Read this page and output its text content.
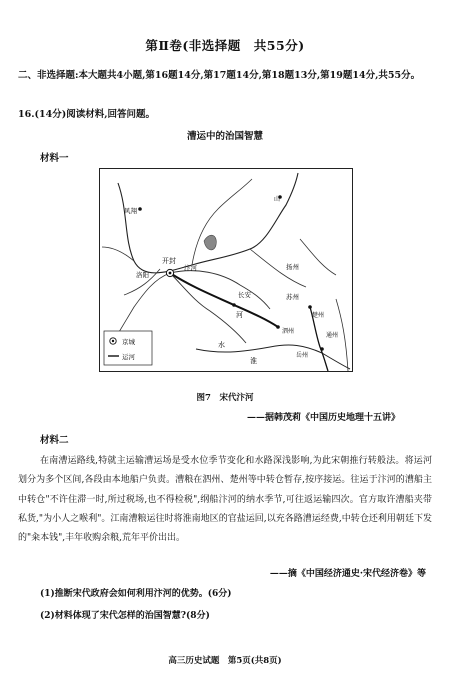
第Ⅱ卷(非选择题　共55分)
二、非选择题:本大题共4小题,第16题14分,第17题14分,第18题13分,第19题14分,共55分。
16.(14分)阅读材料,回答问题。
漕运中的治国智慧
材料一
风翔
开封
洛阳
汴河
长安
河
水
淮
扬州
苏州
泗州
楚州
通州
岳州
山
京城
运河
图7　宋代汴河
——据韩茂莉《中国历史地理十五讲》
材料二
在南漕运路线,特就主运输漕运场是受水位季节变化和水路深浅影响,为此宋朝推行转般法。将运河划分为多个区间,各段由本地船户负责。漕粮在泗州、楚州等中转仓暂存,按序接运。往运于汴河的漕船主中转仓"不许住滞一时,所过税场,也不得检税",纲船汴河的纳水季节,可往返运输四次。官方取许漕船夹带私货,"为小人之喉利"。江南漕粮运往时将淮南地区的官盐运回,以充各路漕运经费,中转仓还利用朝廷下发的"籴本钱",丰年收购余粮,荒年平价出出。
——摘《中国经济通史·宋代经济卷》等
(1)推断宋代政府会如何利用汴河的优势。(6分)
(2)材料体现了宋代怎样的治国智慧?(8分)
高三历史试题　第5页(共8页)
